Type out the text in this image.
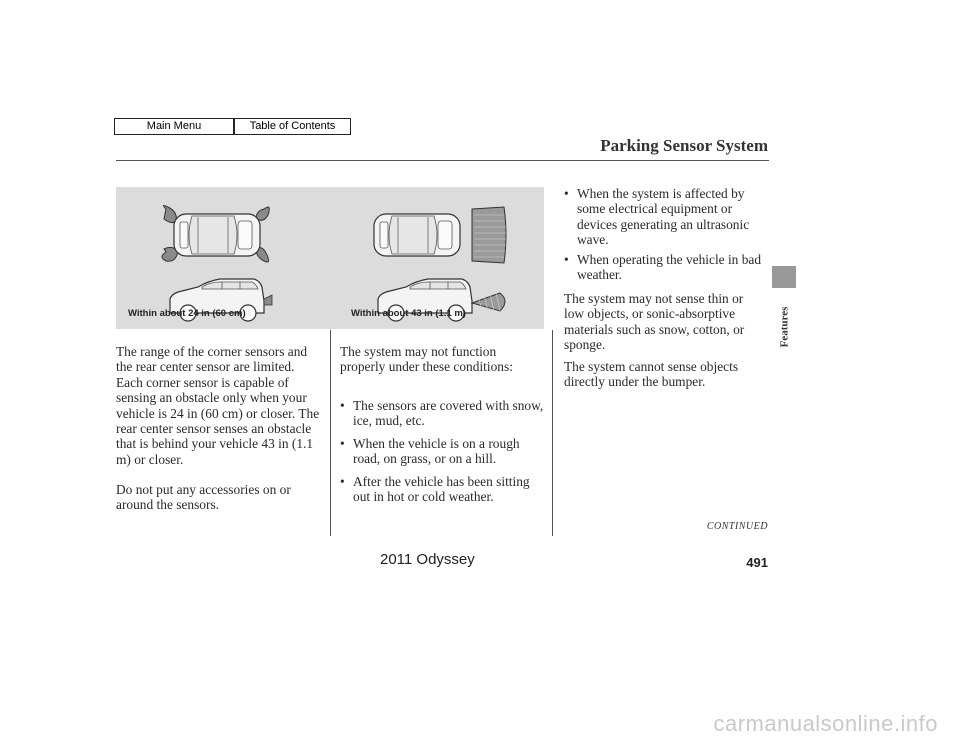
Main Menu	Table of Contents
Parking Sensor System
Features
Within about 24 in (60 cm)	Within about 43 in (1.1 m)

The range of the corner sensors and the rear center sensor are limited. Each corner sensor is capable of sensing an obstacle only when your vehicle is 24 in (60 cm) or closer. The rear center sensor senses an obstacle that is behind your vehicle 43 in (1.1 m) or closer.

Do not put any accessories on or around the sensors.

The system may not function properly under these conditions:

• The sensors are covered with snow, ice, mud, etc.

• When the vehicle is on a rough road, on grass, or on a hill.

• After the vehicle has been sitting out in hot or cold weather.

• When the system is affected by some electrical equipment or devices generating an ultrasonic wave.

• When operating the vehicle in bad weather.

The system may not sense thin or low objects, or sonic-absorptive materials such as snow, cotton, or sponge.

The system cannot sense objects directly under the bumper.

CONTINUED
2011 Odyssey	491
carmanualsonline.info
